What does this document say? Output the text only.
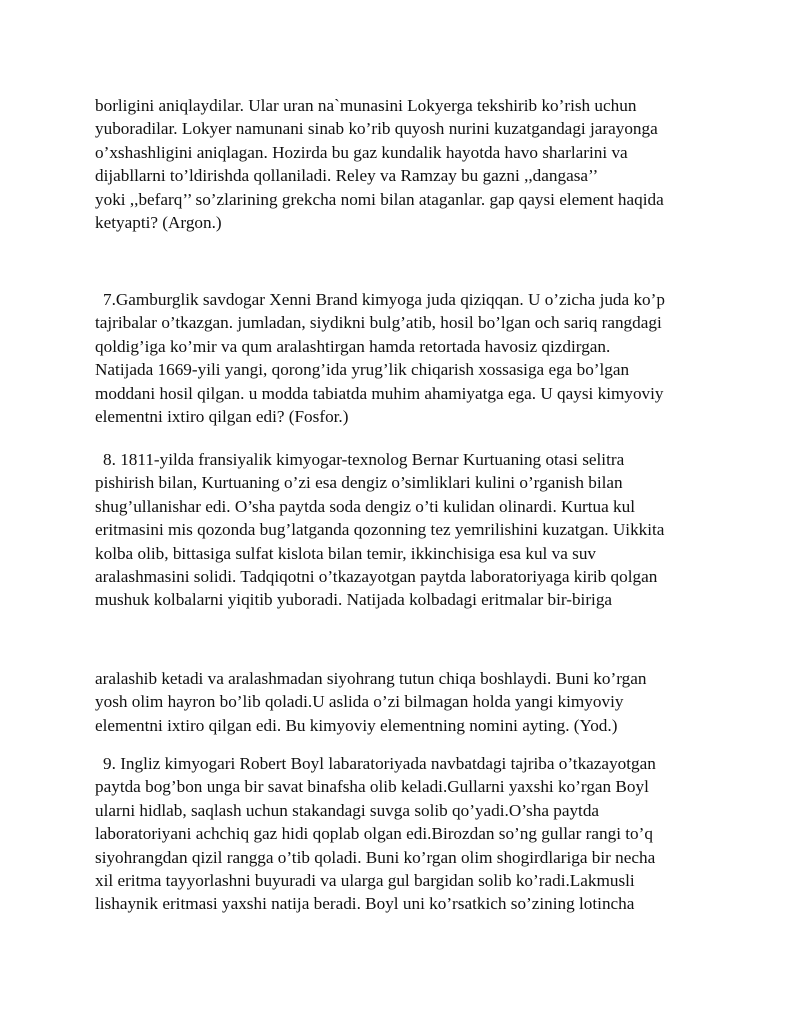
borligini aniqlaydilar. Ular uran na`munasini Lokyerga tekshirib ko’rish uchun
yuboradilar. Lokyer namunani sinab ko’rib quyosh nurini kuzatgandagi jarayonga
o’xshashligini aniqlagan. Hozirda bu gaz kundalik hayotda havo sharlarini va
dijabllarni to’ldirishda qollaniladi. Reley va Ramzay bu gazni ,,dangasa’’
yoki ,,befarq’’ so’zlarining grekcha nomi bilan ataganlar. gap qaysi element haqida
ketyapti? (Argon.)
7.Gamburglik savdogar Xenni Brand kimyoga juda qiziqqan. U o’zicha juda ko’p
tajribalar o’tkazgan. jumladan, siydikni bulg’atib, hosil bo’lgan och sariq rangdagi
qoldig’iga ko’mir va qum aralashtirgan hamda retortada havosiz qizdirgan.
Natijada 1669-yili yangi, qorong’ida yrug’lik chiqarish xossasiga ega bo’lgan
moddani hosil qilgan. u modda tabiatda muhim ahamiyatga ega. U qaysi kimyoviy
elementni ixtiro qilgan edi? (Fosfor.)
8. 1811-yilda fransiyalik kimyogar-texnolog Bernar Kurtuaning otasi selitra
pishirish bilan, Kurtuaning o’zi esa dengiz o’simliklari kulini o’rganish bilan
shug’ullanishar edi. O’sha paytda soda dengiz o’ti kulidan olinardi. Kurtua kul
eritmasini mis qozonda bug’latganda qozonning tez yemrilishini kuzatgan. Uikkita
kolba olib, bittasiga sulfat kislota bilan temir, ikkinchisiga esa kul va suv
aralashmasini solidi. Tadqiqotni o’tkazayotgan paytda laboratoriyaga kirib qolgan
mushuk kolbalarni yiqitib yuboradi. Natijada kolbadagi eritmalar bir-biriga
aralashib ketadi va aralashmadan siyohrang tutun chiqa boshlaydi. Buni ko’rgan
yosh olim hayron bo’lib qoladi.U aslida o’zi bilmagan holda yangi kimyoviy
elementni ixtiro qilgan edi. Bu kimyoviy elementning nomini ayting. (Yod.)
9. Ingliz kimyogari Robert Boyl labaratoriyada navbatdagi tajriba o’tkazayotgan
paytda bog’bon unga bir savat binafsha olib keladi.Gullarni yaxshi ko’rgan Boyl
ularni hidlab, saqlash uchun stakandagi suvga solib qo’yadi.O’sha paytda
laboratoriyani achchiq gaz hidi qoplab olgan edi.Birozdan so’ng gullar rangi to’q
siyohrangdan qizil rangga o’tib qoladi. Buni ko’rgan olim shogirdlariga bir necha
xil eritma tayyorlashni buyuradi va ularga gul bargidan solib ko’radi.Lakmusli
lishaynik eritmasi yaxshi natija beradi. Boyl uni ko’rsatkich so’zining lotincha
